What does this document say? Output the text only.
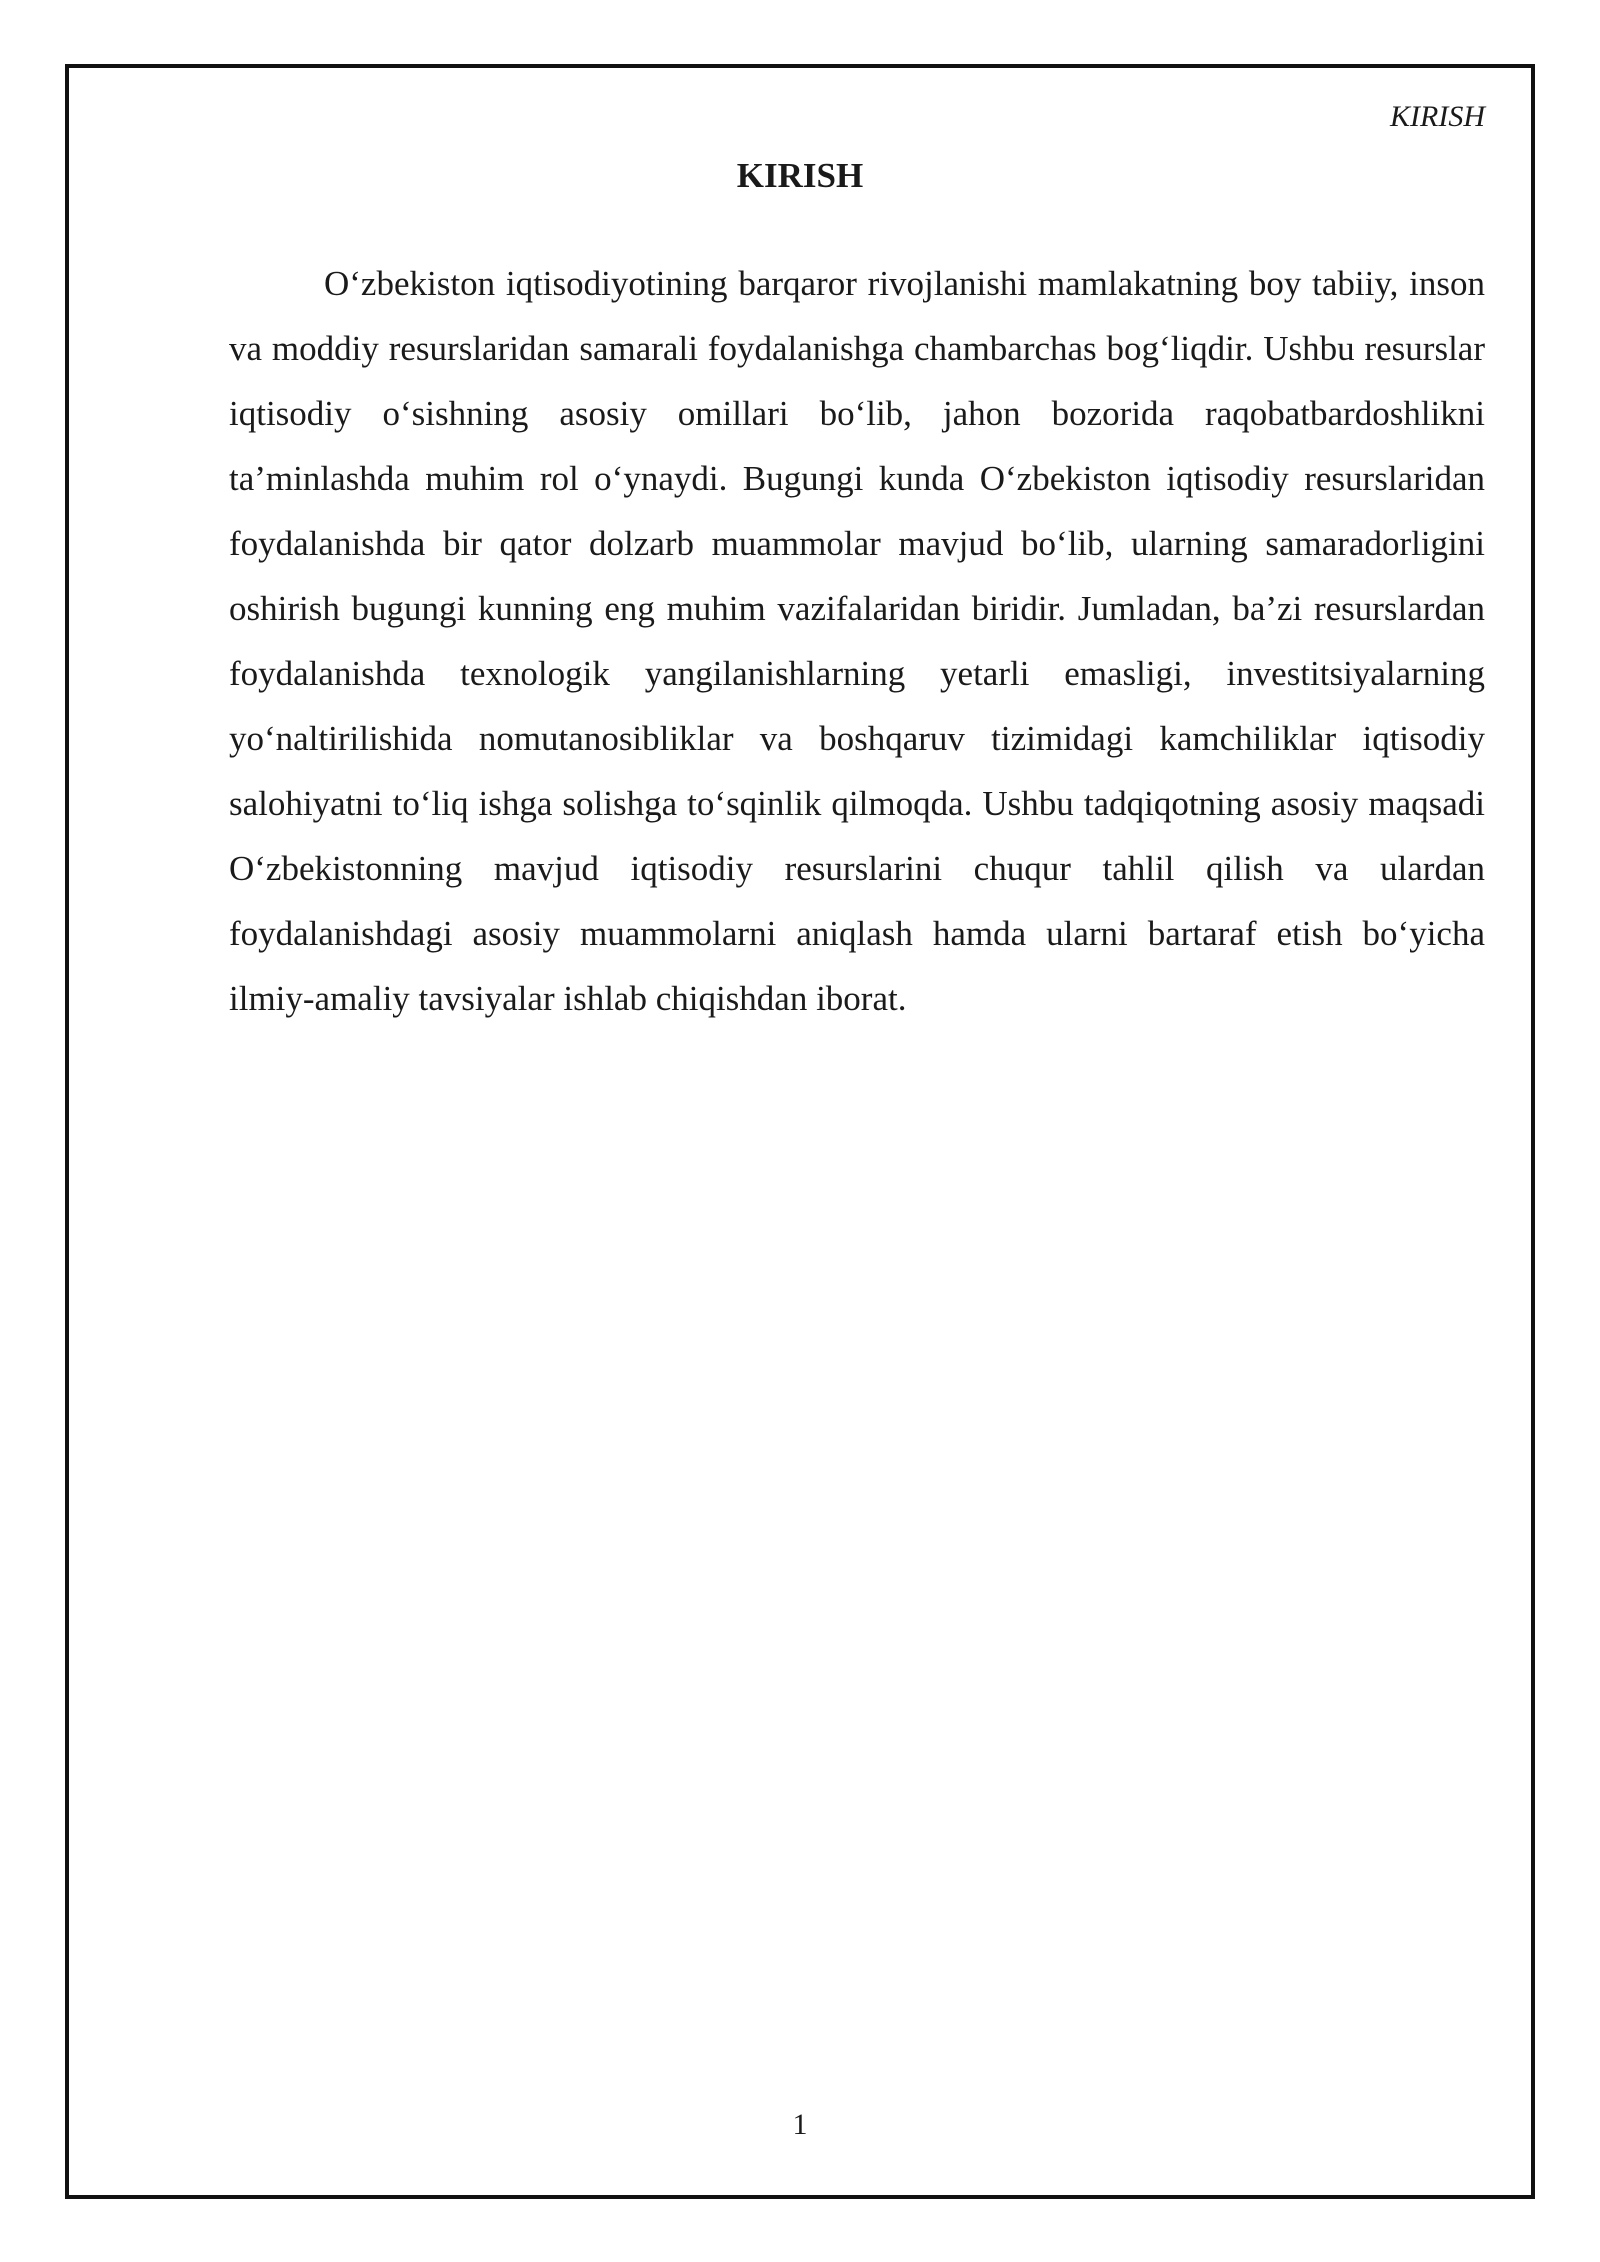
KIRISH
KIRISH

O‘zbekiston iqtisodiyotining barqaror rivojlanishi mamlakatning boy tabiiy, inson va moddiy resurslaridan samarali foydalanishga chambarchas bog‘liqdir. Ushbu resurslar iqtisodiy o‘sishning asosiy omillari bo‘lib, jahon bozorida raqobatbardoshlikni ta’minlashda muhim rol o‘ynaydi. Bugungi kunda O‘zbekiston iqtisodiy resurslaridan foydalanishda bir qator dolzarb muammolar mavjud bo‘lib, ularning samaradorligini oshirish bugungi kunning eng muhim vazifalaridan biridir. Jumladan, ba’zi resurslardan foydalanishda texnologik yangilanishlarning yetarli emasligi, investitsiyalarning yo‘naltirilishida nomutanosibliklar va boshqaruv tizimidagi kamchiliklar iqtisodiy salohiyatni to‘liq ishga solishga to‘sqinlik qilmoqda. Ushbu tadqiqotning asosiy maqsadi O‘zbekistonning mavjud iqtisodiy resurslarini chuqur tahlil qilish va ulardan foydalanishdagi asosiy muammolarni aniqlash hamda ularni bartaraf etish bo‘yicha ilmiy-amaliy tavsiyalar ishlab chiqishdan iborat.

1
